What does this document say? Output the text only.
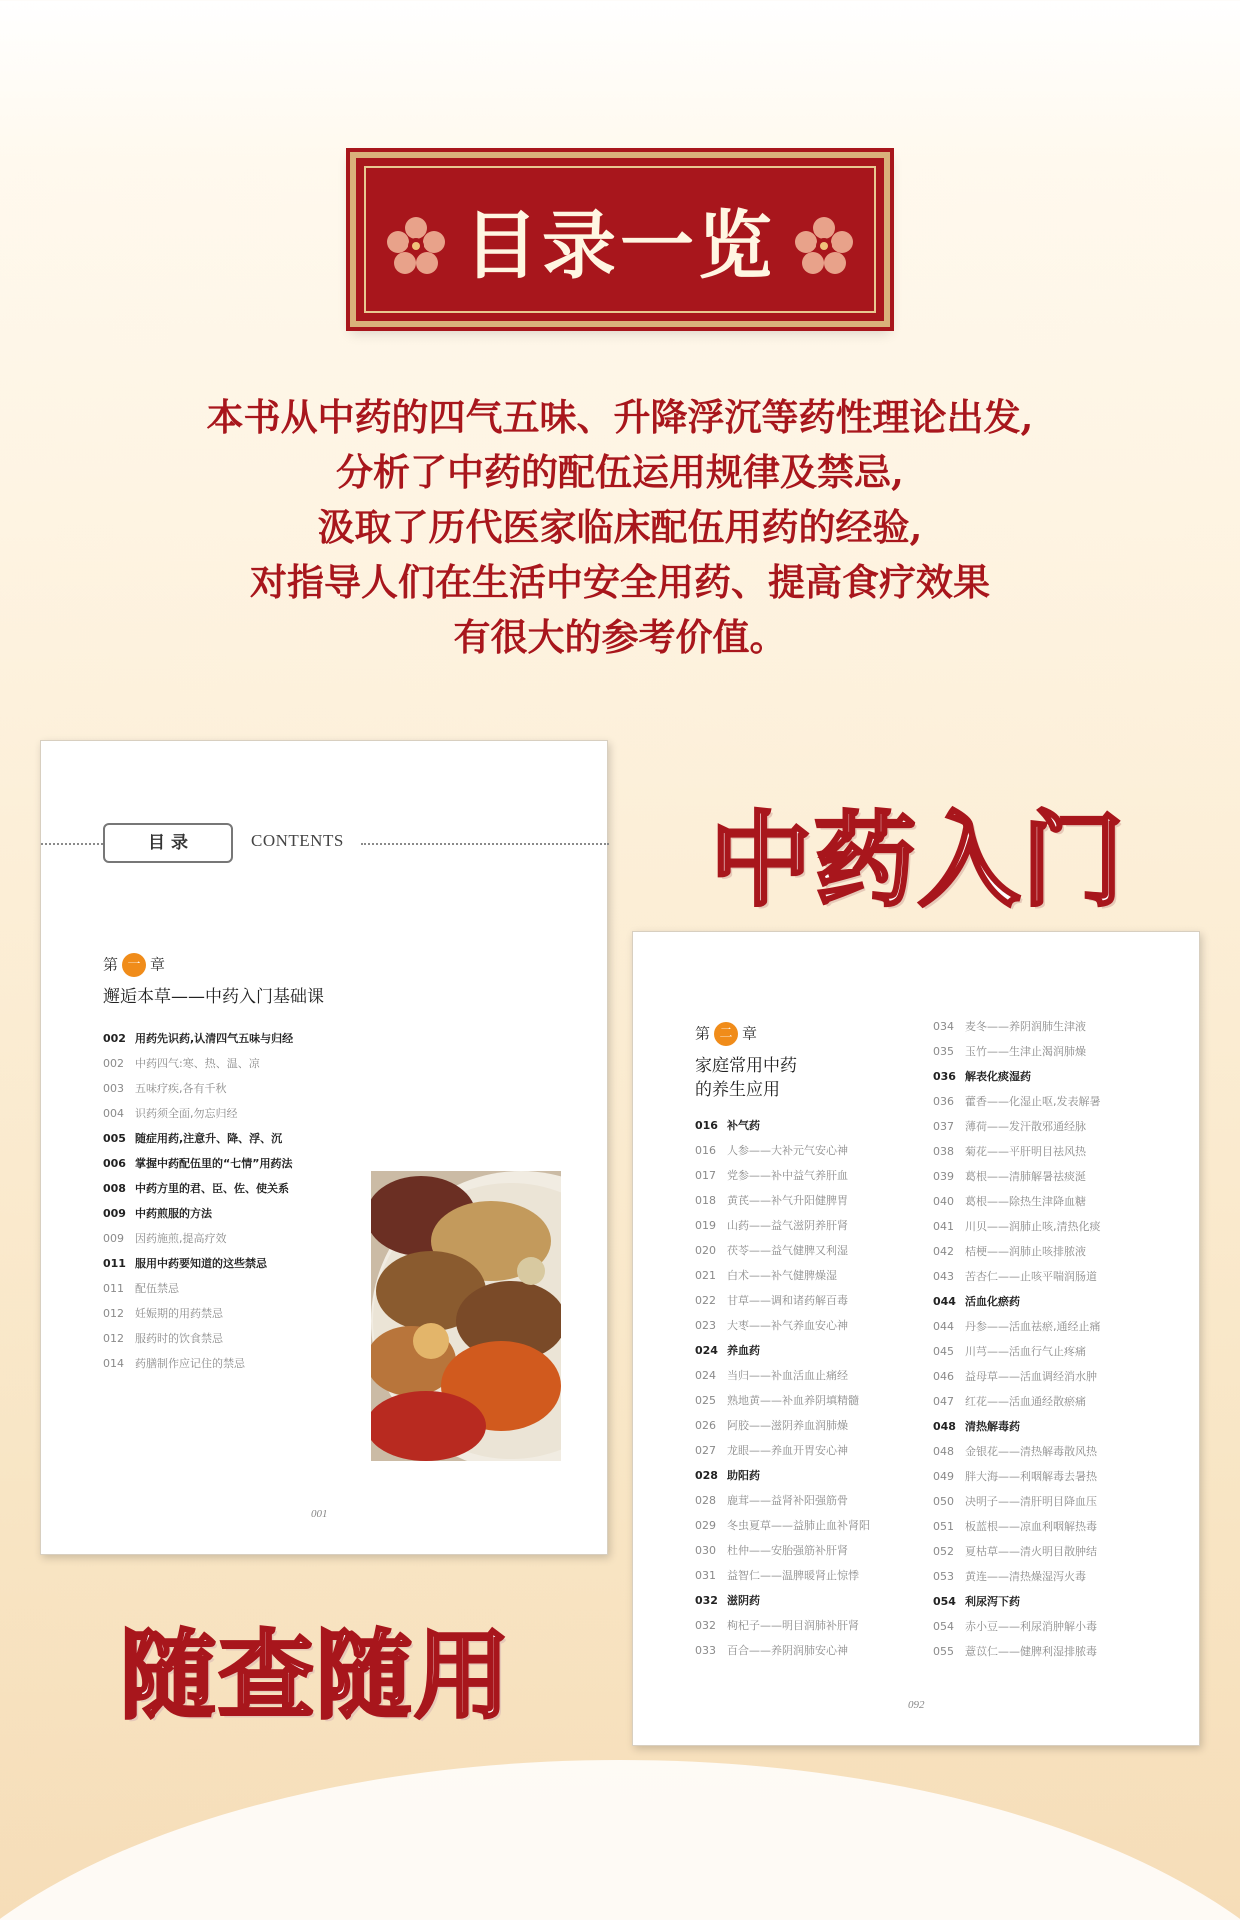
目录一览
本书从中药的四气五味、升降浮沉等药性理论出发,
分析了中药的配伍运用规律及禁忌,
汲取了历代医家临床配伍用药的经验,
对指导人们在生活中安全用药、提高食疗效果
有很大的参考价值。
目 录	CONTENTS
第 一 章
邂逅本草——中药入门基础课
002 用药先识药,认清四气五味与归经
002 中药四气:寒、热、温、凉
003 五味疗疾,各有千秋
004 识药须全面,勿忘归经
005 随症用药,注意升、降、浮、沉
006 掌握中药配伍里的“七情”用药法
008 中药方里的君、臣、佐、使关系
009 中药煎服的方法
009 因药施煎,提高疗效
011 服用中药要知道的这些禁忌
011 配伍禁忌
012 妊娠期的用药禁忌
012 服药时的饮食禁忌
014 药膳制作应记住的禁忌
001
第 二 章
家庭常用中药
的养生应用
016 补气药
016 人参——大补元气安心神
017 党参——补中益气养肝血
018 黄芪——补气升阳健脾胃
019 山药——益气滋阴养肝肾
020 茯苓——益气健脾又利湿
021 白术——补气健脾燥湿
022 甘草——调和诸药解百毒
023 大枣——补气养血安心神
024 养血药
024 当归——补血活血止痛经
025 熟地黄——补血养阴填精髓
026 阿胶——滋阴养血润肺燥
027 龙眼——养血开胃安心神
028 助阳药
028 鹿茸——益肾补阳强筋骨
029 冬虫夏草——益肺止血补肾阳
030 杜仲——安胎强筋补肝肾
031 益智仁——温脾暖肾止惊悸
032 滋阴药
032 枸杞子——明目润肺补肝肾
033 百合——养阴润肺安心神
034 麦冬——养阴润肺生津液
035 玉竹——生津止渴润肺燥
036 解表化痰湿药
036 藿香——化湿止呕,发表解暑
037 薄荷——发汗散邪通经脉
038 菊花——平肝明目祛风热
039 葛根——清肺解暑祛痰涎
040 葛根——除热生津降血糖
041 川贝——润肺止咳,清热化痰
042 桔梗——润肺止咳排脓液
043 苦杏仁——止咳平喘润肠道
044 活血化瘀药
044 丹参——活血祛瘀,通经止痛
045 川芎——活血行气止疼痛
046 益母草——活血调经消水肿
047 红花——活血通经散瘀痛
048 清热解毒药
048 金银花——清热解毒散风热
049 胖大海——利咽解毒去暑热
050 决明子——清肝明目降血压
051 板蓝根——凉血利咽解热毒
052 夏枯草——清火明目散肿结
053 黄连——清热燥湿泻火毒
054 利尿泻下药
054 赤小豆——利尿消肿解小毒
055 薏苡仁——健脾利湿排脓毒
092
中药入门
随查随用
